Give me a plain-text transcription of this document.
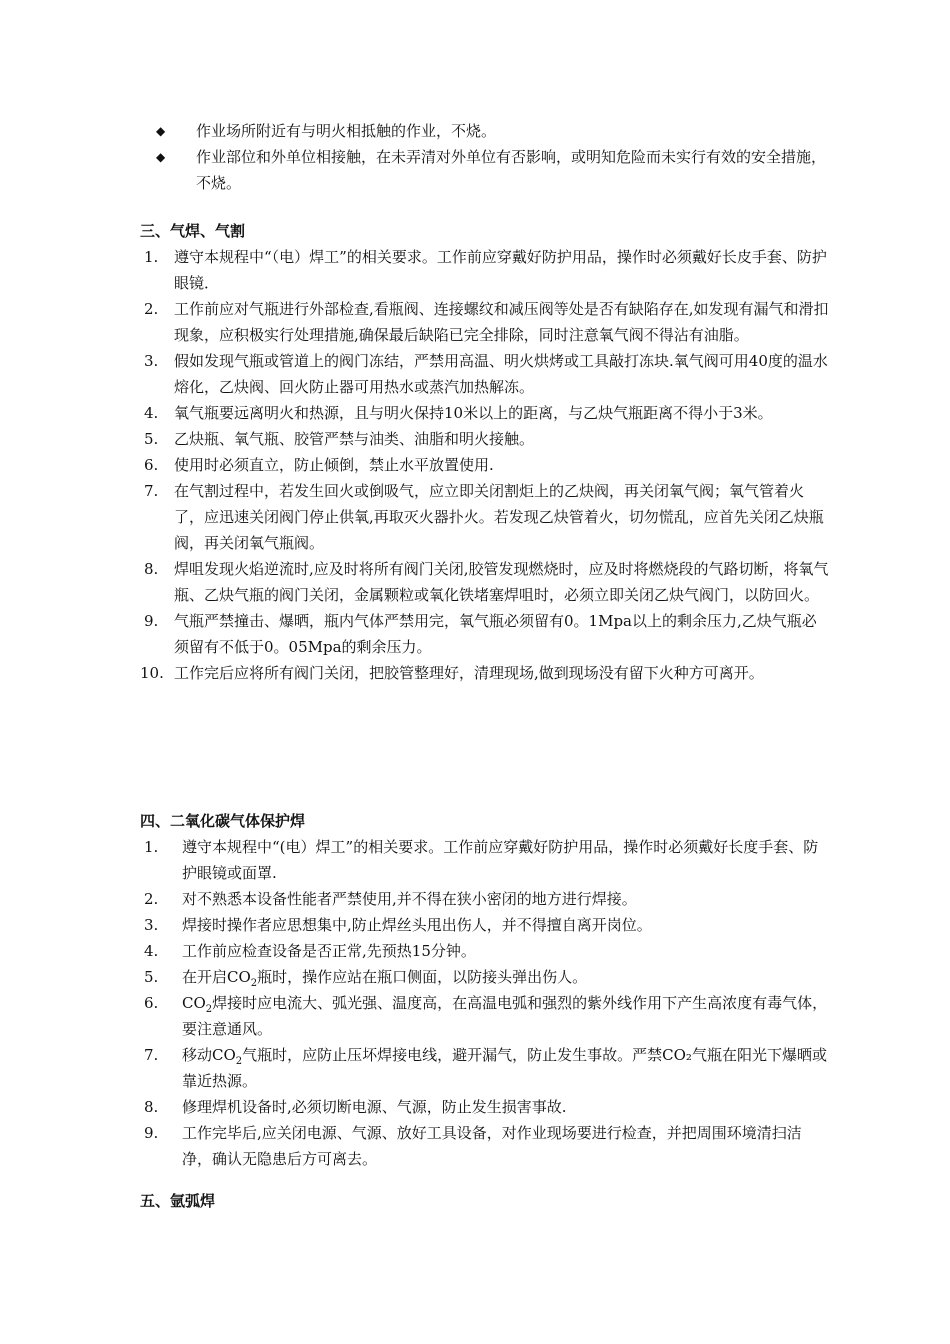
◆ 作业场所附近有与明火相抵触的作业，不烧。
◆ 作业部位和外单位相接触，在未弄清对外单位有否影响，或明知危险而未实行有效的安全措施，不烧。
三、气焊、气割
1. 遵守本规程中“（电）焊工”的相关要求。工作前应穿戴好防护用品，操作时必须戴好长皮手套、防护眼镜．
2. 工作前应对气瓶进行外部检查,看瓶阀、连接螺纹和减压阀等处是否有缺陷存在,如发现有漏气和滑扣现象，应积极实行处理措施,确保最后缺陷已完全排除，同时注意氧气阀不得沾有油脂。
3. 假如发现气瓶或管道上的阀门冻结，严禁用高温、明火烘烤或工具敲打冻块.氧气阀可用40度的温水熔化，乙炔阀、回火防止器可用热水或蒸汽加热解冻。
4. 氧气瓶要远离明火和热源，且与明火保持10米以上的距离，与乙炔气瓶距离不得小于3米。
5. 乙炔瓶、氧气瓶、胶管严禁与油类、油脂和明火接触。
6. 使用时必须直立，防止倾倒，禁止水平放置使用.
7. 在气割过程中，若发生回火或倒吸气，应立即关闭割炬上的乙炔阀，再关闭氧气阀；氧气管着火了，应迅速关闭阀门停止供氧,再取灭火器扑火。若发现乙炔管着火，切勿慌乱，应首先关闭乙炔瓶阀，再关闭氧气瓶阀。
8. 焊咀发现火焰逆流时,应及时将所有阀门关闭,胶管发现燃烧时，应及时将燃烧段的气路切断，将氧气瓶、乙炔气瓶的阀门关闭，金属颗粒或氧化铁堵塞焊咀时，必须立即关闭乙炔气阀门，以防回火。
9. 气瓶严禁撞击、爆晒，瓶内气体严禁用完，氧气瓶必须留有0。1Mpa以上的剩余压力,乙炔气瓶必须留有不低于0。05Mpa的剩余压力。
10. 工作完后应将所有阀门关闭，把胶管整理好，清理现场,做到现场没有留下火种方可离开。
四、二氧化碳气体保护焊
1. 遵守本规程中“(电）焊工”的相关要求。工作前应穿戴好防护用品，操作时必须戴好长度手套、防护眼镜或面罩.
2. 对不熟悉本设备性能者严禁使用,并不得在狭小密闭的地方进行焊接。
3. 焊接时操作者应思想集中,防止焊丝头甩出伤人，并不得擅自离开岗位。
4. 工作前应检查设备是否正常,先预热15分钟。
5. 在开启$CO_2$瓶时，操作应站在瓶口侧面，以防接头弹出伤人。
6. $CO_2$焊接时应电流大、弧光强、温度高，在高温电弧和强烈的紫外线作用下产生高浓度有毒气体，要注意通风。
7. 移动$CO_2$气瓶时，应防止压坏焊接电线，避开漏气，防止发生事故。严禁CO₂气瓶在阳光下爆晒或靠近热源。
8. 修理焊机设备时,必须切断电源、气源，防止发生损害事故.
9. 工作完毕后,应关闭电源、气源、放好工具设备，对作业现场要进行检查，并把周围环境清扫洁净，确认无隐患后方可离去。
五、氩弧焊
